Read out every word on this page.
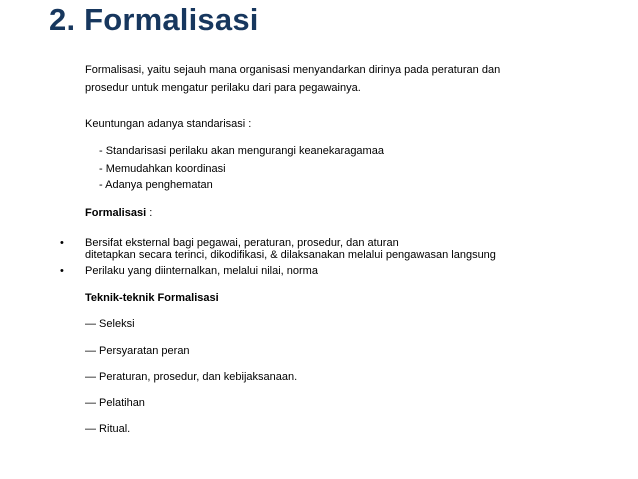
2. Formalisasi
Formalisasi, yaitu sejauh mana organisasi menyandarkan dirinya pada peraturan dan
prosedur untuk mengatur perilaku dari para pegawainya.
Keuntungan adanya standarisasi :
- Standarisasi perilaku akan mengurangi keanekaragamaa
- Memudahkan koordinasi
- Adanya penghematan
Formalisasi :
• Bersifat eksternal bagi pegawai, peraturan, prosedur, dan aturan
ditetapkan secara terinci, dikodifikasi, & dilaksanakan melalui pengawasan langsung
• Perilaku yang diinternalkan, melalui nilai, norma
Teknik-teknik Formalisasi
— Seleksi
— Persyaratan peran
— Peraturan, prosedur, dan kebijaksanaan.
— Pelatihan
— Ritual.
